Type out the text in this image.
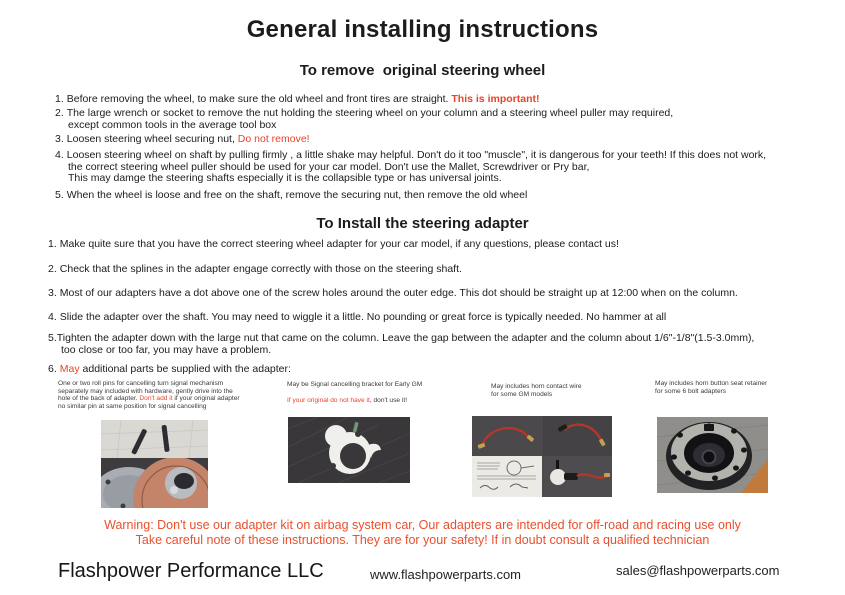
General installing instructions
To remove  original steering wheel
1. Before removing the wheel, to make sure the old wheel and front tires are straight. This is important!
2. The large wrench or socket to remove the nut holding the steering wheel on your column and a steering wheel puller may required,
except common tools in the average tool box
3. Loosen steering wheel securing nut, Do not remove!
4. Loosen steering wheel on shaft by pulling firmly , a little shake may helpful. Don't do it too "muscle", it is dangerous for your teeth! If this does not work,
the correct steering wheel puller should be used for your car model. Don't use the Mallet, Screwdriver or Pry bar,
This may damge the steering shafts especially it is the collapsible type or has universal joints.
5. When the wheel is loose and free on the shaft, remove the securing nut, then remove the old wheel
To Install the steering adapter
1. Make quite sure that you have the correct steering wheel adapter for your car model, if any questions, please contact us!
2. Check that the splines in the adapter engage correctly with those on the steering shaft.
3. Most of our adapters have a dot above one of the screw holes around the outer edge. This dot should be straight up at 12:00 when on the column.
4. Slide the adapter over the shaft. You may need to wiggle it a little. No pounding or great force is typically needed. No hammer at all
5.Tighten the adapter down with the large nut that came on the column. Leave the gap between the adapter and the column about 1/6"-1/8"(1.5-3.0mm),
too close or too far, you may have a problem.
6. May additional parts be supplied with the adapter:
One or two roll pins for cancelling turn signal mechanism separately may included with hardware, gently drive into the hole of the back of adapter. Don't add it if your original adapter no similar pin at same position for signal cancelling
May be Signal cancelling bracket for Early GM
If your original do not have it, don't use it!
May includes horn contact wire
for some GM models
May includes horn button seat retainer
for some 6 bolt adapters
Warning: Don't use our adapter kit on airbag system car, Our adapters are intended for off-road and racing use only
Take careful note of these instructions. They are for your safety! If in doubt consult a qualified technician
Flashpower Performance LLC	www.flashpowerparts.com	sales@flashpowerparts.com
